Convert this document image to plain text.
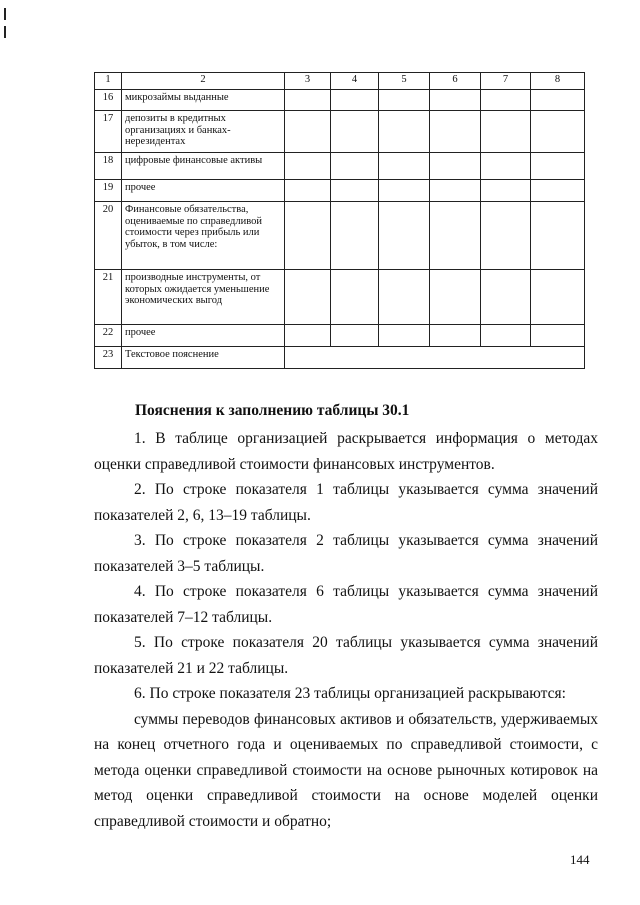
1	2	3	4	5	6	7	8
16	микрозаймы выданные						
17	депозиты в кредитных организациях и банках-нерезидентах						
18	цифровые финансовые активы						
19	прочее						
20	Финансовые обязательства, оцениваемые по справедливой стоимости через прибыль или убыток, в том числе:						
21	производные инструменты, от которых ожидается уменьшение экономических выгод						
22	прочее						
23	Текстовое пояснение						
Пояснения к заполнению таблицы 30.1

1. В таблице организацией раскрывается информация о методах оценки справедливой стоимости финансовых инструментов.

2. По строке показателя 1 таблицы указывается сумма значений показателей 2, 6, 13–19 таблицы.

3. По строке показателя 2 таблицы указывается сумма значений показателей 3–5 таблицы.

4. По строке показателя 6 таблицы указывается сумма значений показателей 7–12 таблицы.

5. По строке показателя 20 таблицы указывается сумма значений показателей 21 и 22 таблицы.

6. По строке показателя 23 таблицы организацией раскрываются:

суммы переводов финансовых активов и обязательств, удерживаемых на конец отчетного года и оцениваемых по справедливой стоимости, с метода оценки справедливой стоимости на основе рыночных котировок на метод оценки справедливой стоимости на основе моделей оценки справедливой стоимости и обратно;

144
